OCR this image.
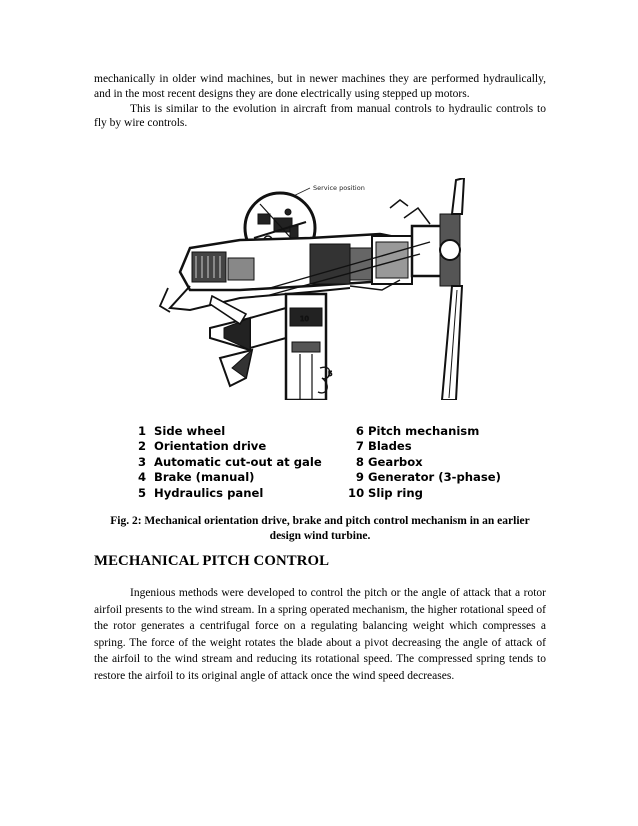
mechanically in older wind machines, but in newer machines they are performed hydraulically, and in the most recent designs they are done electrically using stepped up motors.

This is similar to the evolution in aircraft from manual controls to hydraulic controls to fly by wire controls.

Service position
10
5
1 Side wheel
2 Orientation drive
3 Automatic cut-out at gale
4 Brake (manual)
5 Hydraulics panel
6 Pitch mechanism
7 Blades
8 Gearbox
9 Generator (3-phase)
10 Slip ring
Fig. 2: Mechanical orientation drive, brake and pitch control mechanism in an earlier design wind turbine.
MECHANICAL PITCH CONTROL

Ingenious methods were developed to control the pitch or the angle of attack that a rotor airfoil presents to the wind stream. In a spring operated mechanism, the higher rotational speed of the rotor generates a centrifugal force on a regulating balancing weight which compresses a spring. The force of the weight rotates the blade about a pivot decreasing the angle of attack of the airfoil to the wind stream and reducing its rotational speed. The compressed spring tends to restore the airfoil to its original angle of attack once the wind speed decreases.
